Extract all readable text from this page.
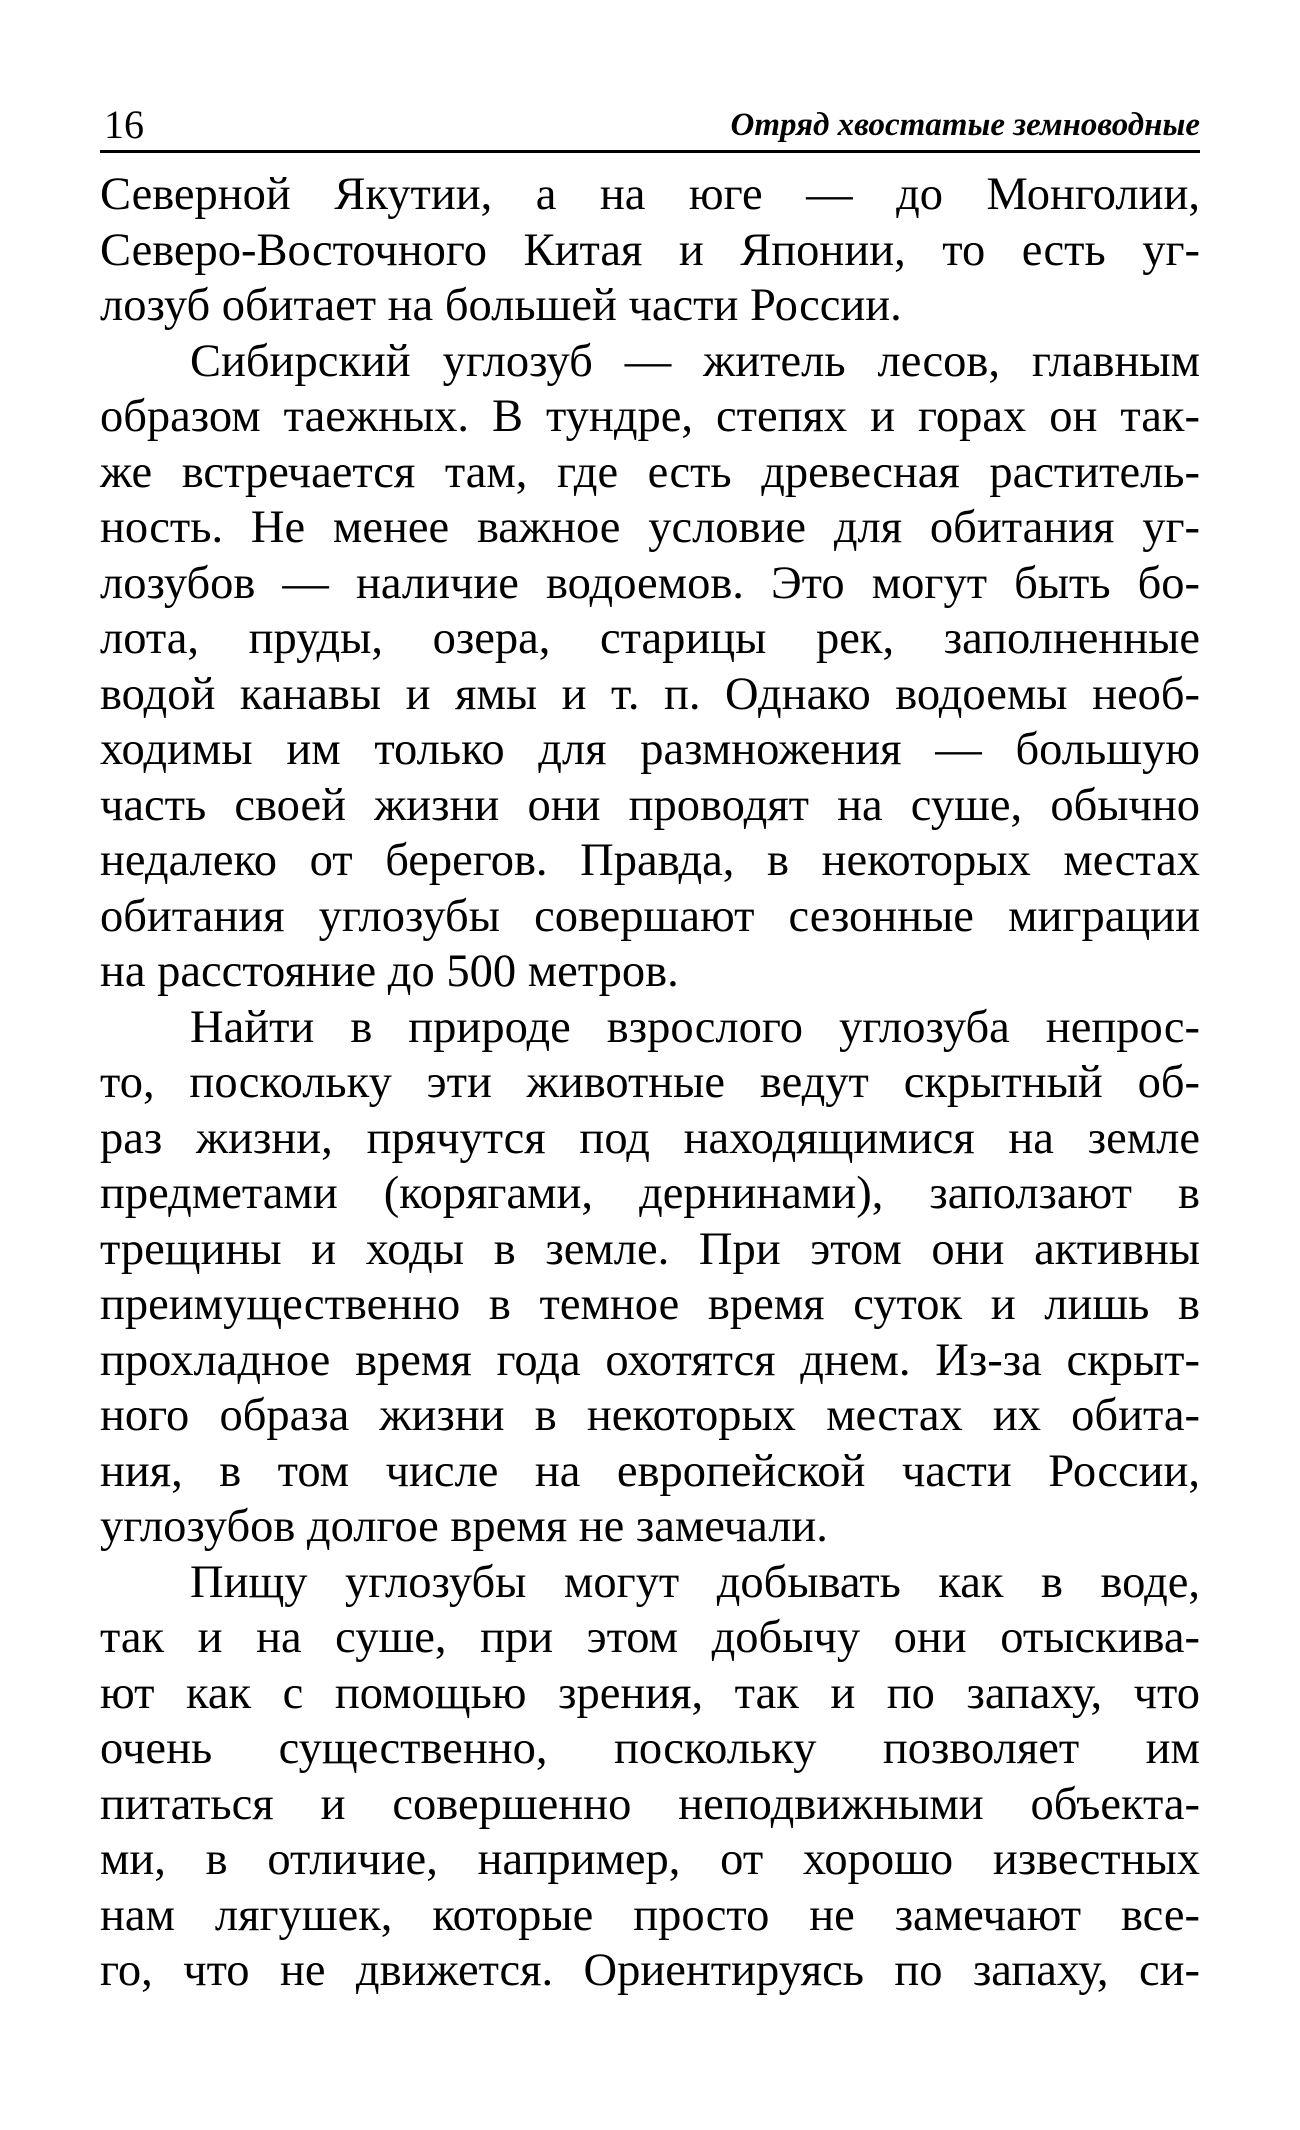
16	Отряд хвостатые земноводные
Северной Якутии, а на юге — до Монголии,
Северо-Восточного Китая и Японии, то есть уг-
лозуб обитает на большей части России.
Сибирский углозуб — житель лесов, главным
образом таежных. В тундре, степях и горах он так-
же встречается там, где есть древесная раститель-
ность. Не менее важное условие для обитания уг-
лозубов — наличие водоемов. Это могут быть бо-
лота, пруды, озера, старицы рек, заполненные
водой канавы и ямы и т. п. Однако водоемы необ-
ходимы им только для размножения — большую
часть своей жизни они проводят на суше, обычно
недалеко от берегов. Правда, в некоторых местах
обитания углозубы совершают сезонные миграции
на расстояние до 500 метров.
Найти в природе взрослого углозуба непрос-
то, поскольку эти животные ведут скрытный об-
раз жизни, прячутся под находящимися на земле
предметами (корягами, дернинами), заползают в
трещины и ходы в земле. При этом они активны
преимущественно в темное время суток и лишь в
прохладное время года охотятся днем. Из-за скрыт-
ного образа жизни в некоторых местах их обита-
ния, в том числе на европейской части России,
углозубов долгое время не замечали.
Пищу углозубы могут добывать как в воде,
так и на суше, при этом добычу они отыскива-
ют как с помощью зрения, так и по запаху, что
очень существенно, поскольку позволяет им
питаться и совершенно неподвижными объекта-
ми, в отличие, например, от хорошо известных
нам лягушек, которые просто не замечают все-
го, что не движется. Ориентируясь по запаху, си-
